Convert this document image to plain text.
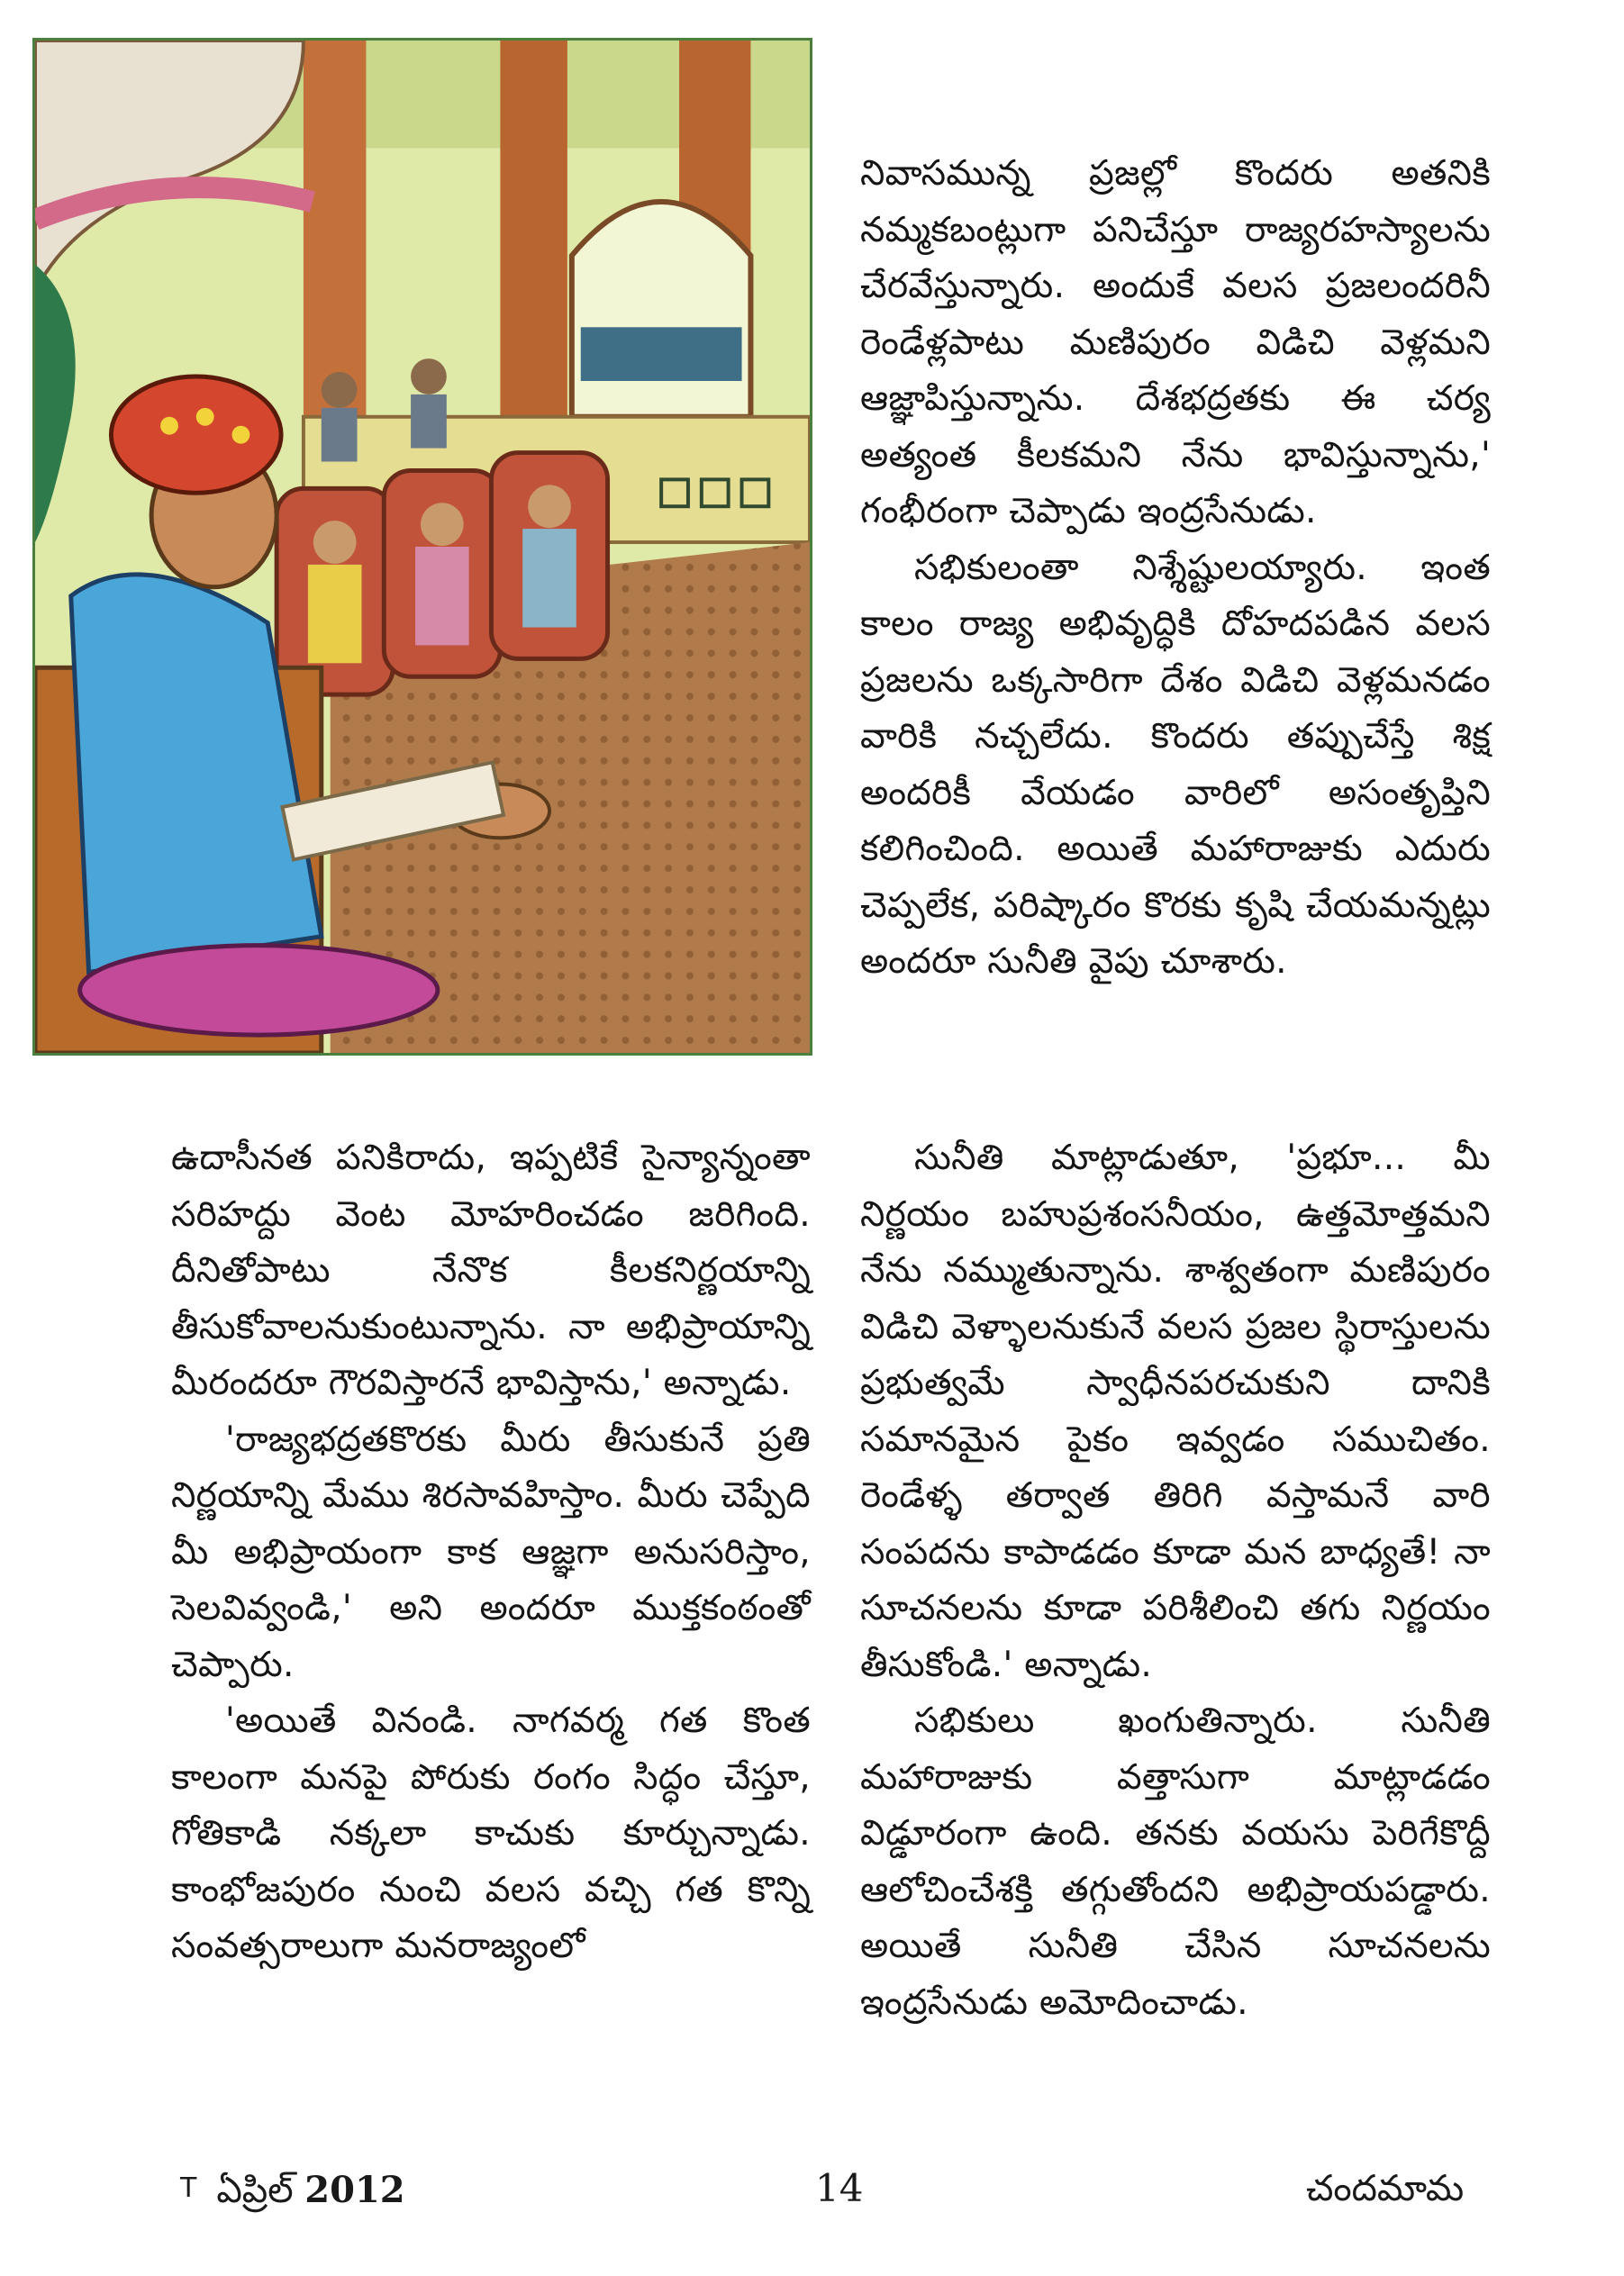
నివాసమున్న ప్రజల్లో కొందరు అతనికి నమ్మకబంట్లుగా పనిచేస్తూ రాజ్యరహస్యాలను చేరవేస్తున్నారు. అందుకే వలస ప్రజలందరినీ రెండేళ్లపాటు మణిపురం విడిచి వెళ్లమని ఆజ్ఞాపిస్తున్నాను. దేశభద్రతకు ఈ చర్య అత్యంత కీలకమని నేను భావిస్తున్నాను,' గంభీరంగా చెప్పాడు ఇంద్రసేనుడు.

సభికులంతా నిశ్శేష్టులయ్యారు. ఇంత కాలం రాజ్య అభివృద్ధికి దోహదపడిన వలస ప్రజలను ఒక్కసారిగా దేశం విడిచి వెళ్లమనడం వారికి నచ్చలేదు. కొందరు తప్పుచేస్తే శిక్ష అందరికీ వేయడం వారిలో అసంతృప్తిని కలిగించింది. అయితే మహారాజుకు ఎదురు చెప్పలేక, పరిష్కారం కొరకు కృషి చేయమన్నట్లు అందరూ సునీతి వైపు చూశారు.

ఉదాసీనత పనికిరాదు, ఇప్పటికే సైన్యాన్నంతా సరిహద్దు వెంట మోహరించడం జరిగింది. దీనితోపాటు నేనొక కీలకనిర్ణయాన్ని తీసుకోవాలనుకుంటున్నాను. నా అభిప్రాయాన్ని మీరందరూ గౌరవిస్తారనే భావిస్తాను,' అన్నాడు.

'రాజ్యభద్రతకొరకు మీరు తీసుకునే ప్రతి నిర్ణయాన్ని మేము శిరసావహిస్తాం. మీరు చెప్పేది మీ అభిప్రాయంగా కాక ఆజ్ఞగా అనుసరిస్తాం, సెలవివ్వండి,' అని అందరూ ముక్తకంఠంతో చెప్పారు.

'అయితే వినండి. నాగవర్మ గత కొంత కాలంగా మనపై పోరుకు రంగం సిద్ధం చేస్తూ, గోతికాడి నక్కలా కాచుకు కూర్చున్నాడు. కాంభోజపురం నుంచి వలస వచ్చి గత కొన్ని సంవత్సరాలుగా మనరాజ్యంలో

సునీతి మాట్లాడుతూ, 'ప్రభూ... మీ నిర్ణయం బహుప్రశంసనీయం, ఉత్తమోత్తమని నేను నమ్ముతున్నాను. శాశ్వతంగా మణిపురం విడిచి వెళ్ళాలనుకునే వలస ప్రజల స్థిరాస్తులను ప్రభుత్వమే స్వాధీనపరచుకుని దానికి సమానమైన పైకం ఇవ్వడం సముచితం. రెండేళ్ళ తర్వాత తిరిగి వస్తామనే వారి సంపదను కాపాడడం కూడా మన బాధ్యతే! నా సూచనలను కూడా పరిశీలించి తగు నిర్ణయం తీసుకోండి.' అన్నాడు.

సభికులు ఖంగుతిన్నారు. సునీతి మహారాజుకు వత్తాసుగా మాట్లాడడం విడ్డూరంగా ఉంది. తనకు వయసు పెరిగేకొద్దీ ఆలోచించేశక్తి తగ్గుతోందని అభిప్రాయపడ్డారు. అయితే సునీతి చేసిన సూచనలను ఇంద్రసేనుడు అమోదించాడు.

T ఏప్రిల్ 2012	14	చందమామ
